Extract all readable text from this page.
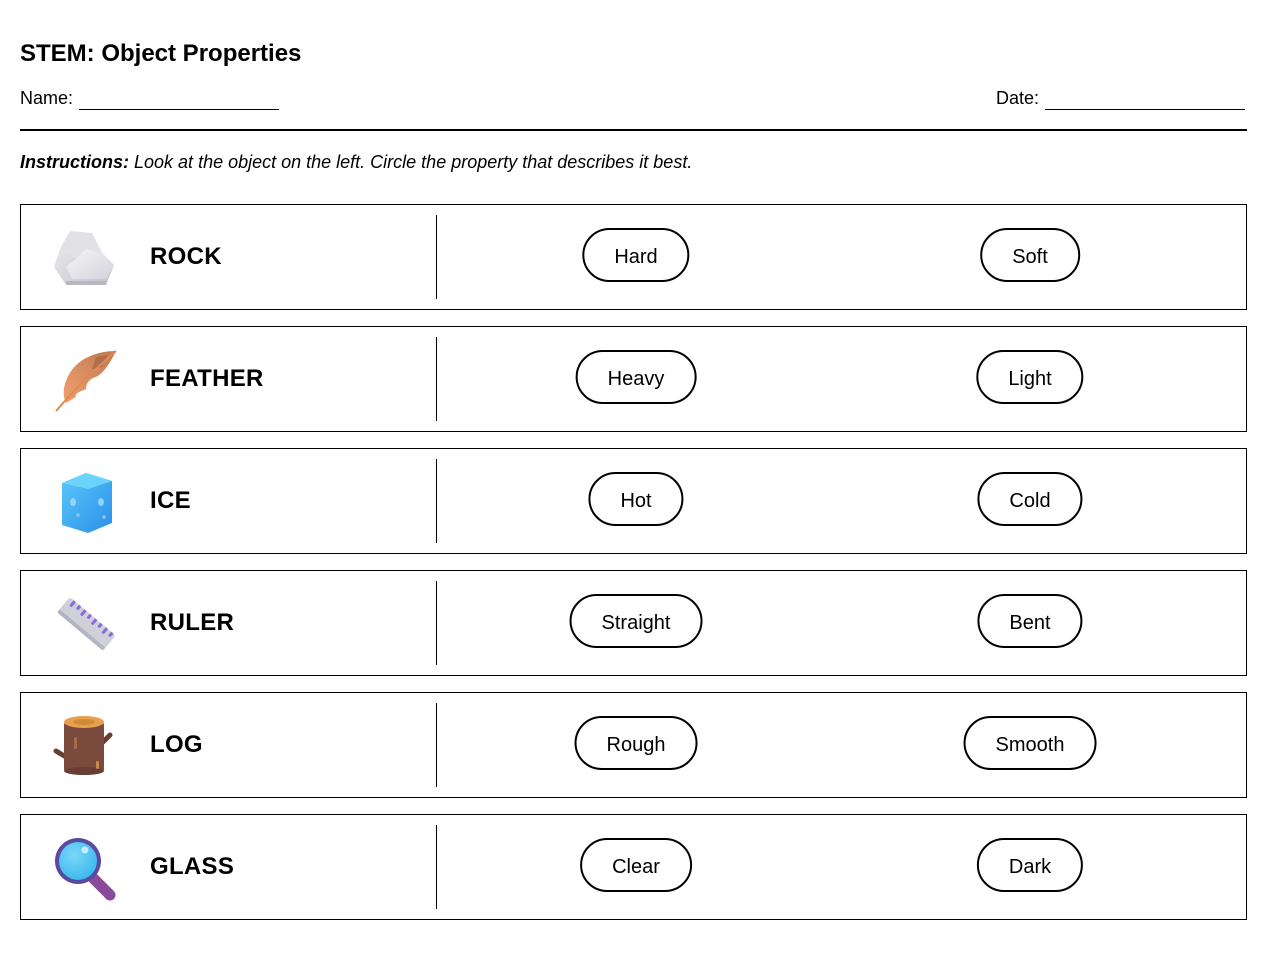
STEM: Object Properties
Name:	Date:
Instructions: Look at the object on the left. Circle the property that describes it best.
ROCK	Hard	Soft
FEATHER	Heavy	Light
ICE	Hot	Cold
RULER	Straight	Bent
LOG	Rough	Smooth
GLASS	Clear	Dark
